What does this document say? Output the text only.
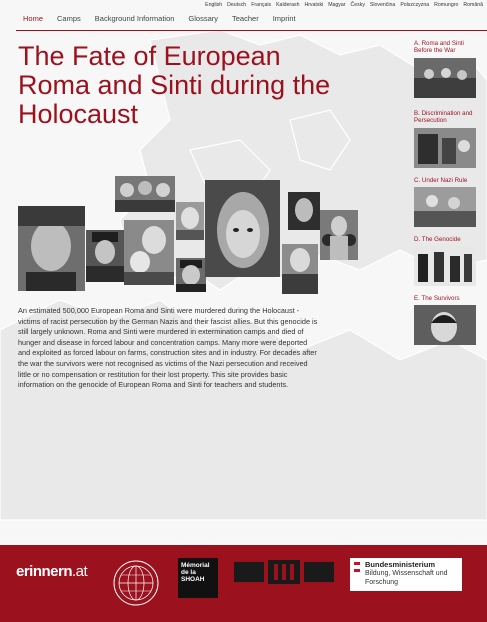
English Deutsch Français Kalderash Hrvatski Magyar Česky Slovenčina Polszczyzna Romungro Română
Home	Camps	Background Information	Glossary	Teacher	Imprint
The Fate of European Roma and Sinti during the Holocaust

An estimated 500,000 European Roma and Sinti were murdered during the Holocaust - victims of racist persecution by the German Nazis and their fascist allies. But this genocide is still largely unknown. Roma and Sinti were murdered in extermination camps and died of hunger and disease in forced labour and concentration camps. Many more were deported and exploited as forced labour on farms, construction sites and in industry. For decades after the war the survivors were not recognised as victims of the Nazi persecution and received little or no compensation or restitution for their lost property. This site provides basic information on the genocide of European Roma and Sinti for teachers and students.

A. Roma and Sinti Before the War
B. Discrimination and Persecution
C. Under Nazi Rule
D. The Genocide
E. The Survivors
erinnern.at	Mémorial de la SHOAH
Bundesministerium
Bildung, Wissenschaft und Forschung
